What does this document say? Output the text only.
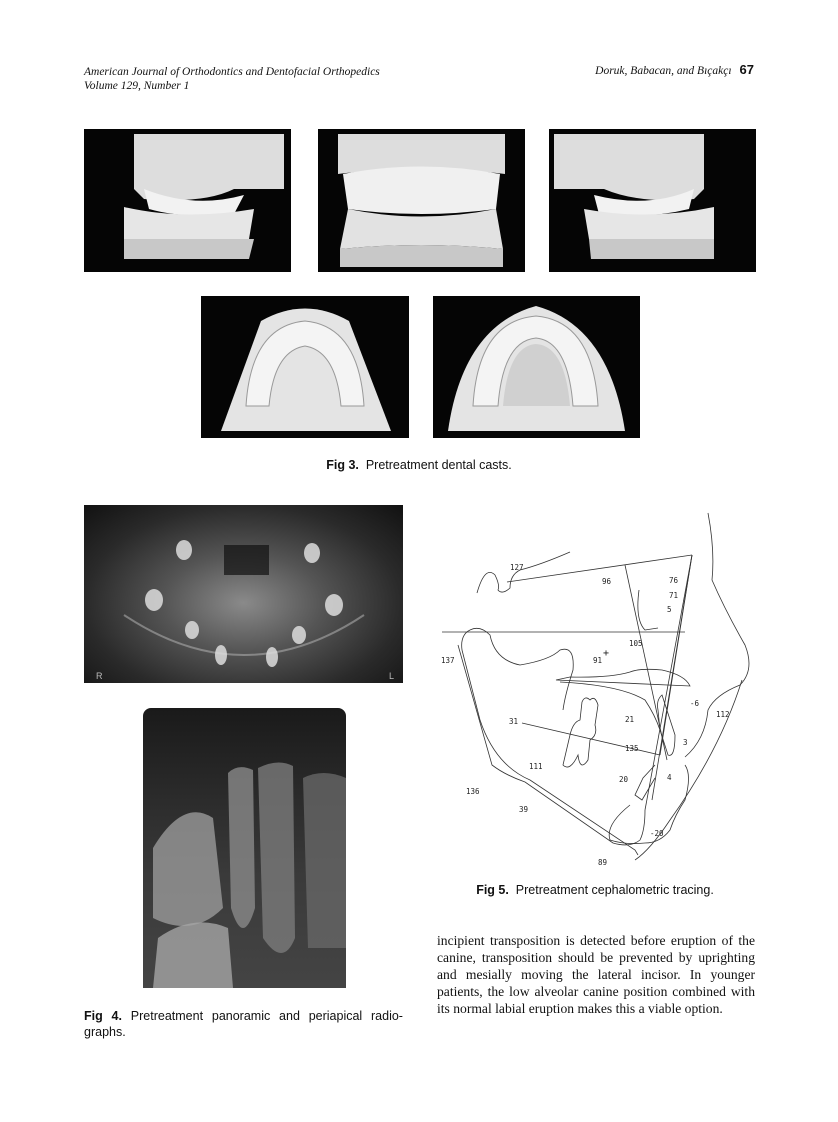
American Journal of Orthodontics and Dentofacial Orthopedics
Volume 129, Number 1
Doruk, Babacan, and Bıçakçı 67
Fig 3. Pretreatment dental casts.
R	L
Fig 4. Pretreatment panoramic and periapical radio-graphs.
+
127
96	76
71
5
105
137	91
-6
112
21
31
3
135
111
20	4
136
39
-20
89
Fig 5. Pretreatment cephalometric tracing.
incipient transposition is detected before eruption of the canine, transposition should be prevented by uprighting and mesially moving the lateral incisor. In younger patients, the low alveolar canine position combined with its normal labial eruption makes this a viable option.
